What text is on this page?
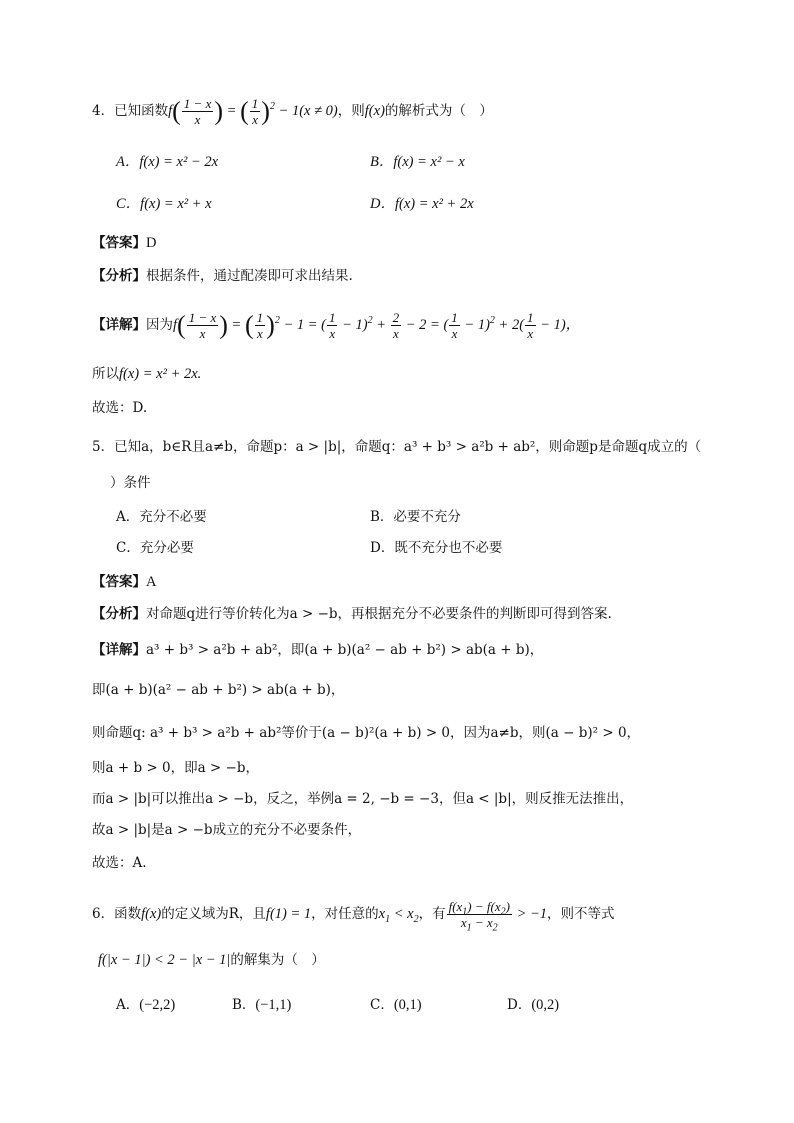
4．已知函数$f( \frac{1 - x}{x}$ ) = ( $\frac{1}{x} )^2 - 1(x \ne 0)$，则f(x)的解析式为（　）
A．f(x) = x² − 2x	B．f(x) = x² − x
C．f(x) = x² + x	D．f(x) = x² + 2x
【答案】D
【分析】根据条件，通过配凑即可求出结果.
【详解】因为$f( \frac{1 - x}{x}$ ) = ( $\frac{1}{x} )^2 - 1$ = ( $\frac{1}{x} - 1)^2 + \frac{2}{x} - 2$ = ( $\frac{1}{x} - 1)^2 + 2( \frac{1}{x} - 1)$，
所以f(x) = x² + 2x.
故选：D.
5．已知a，b∈R且a≠b，命题p：a > |b|，命题q：a³ + b³ > a²b + ab²，则命题p是命题q成立的（
）条件
A．充分不必要	B．必要不充分
C．充分必要	D．既不充分也不必要
【答案】A
【分析】对命题q进行等价转化为a > −b，再根据充分不必要条件的判断即可得到答案.
【详解】a³ + b³ > a²b + ab²，即(a + b)(a² − ab + b²) > ab(a + b)，
即(a + b)(a² − ab + b²) > ab(a + b)，
则命题q: a³ + b³ > a²b + ab²等价于(a − b)²(a + b) > 0，因为a≠b，则(a − b)² > 0，
则a + b > 0，即a > −b，
而a > |b|可以推出a > −b，反之，举例a = 2, −b = −3，但a < |b|，则反推无法推出，
故a > |b|是a > −b成立的充分不必要条件，
故选：A.
6．函数f(x)的定义域为R，且f(1) = 1，对任意的$x_1 < x_2$，有 $\frac{f(x_1) - f(x_2)}{x_1 - x_2} > -1$，则不等式
f(|x − 1|) < 2 − |x − 1|的解集为（　）
A．(−2,2)	B．(−1,1)	C．(0,1)	D．(0,2)
